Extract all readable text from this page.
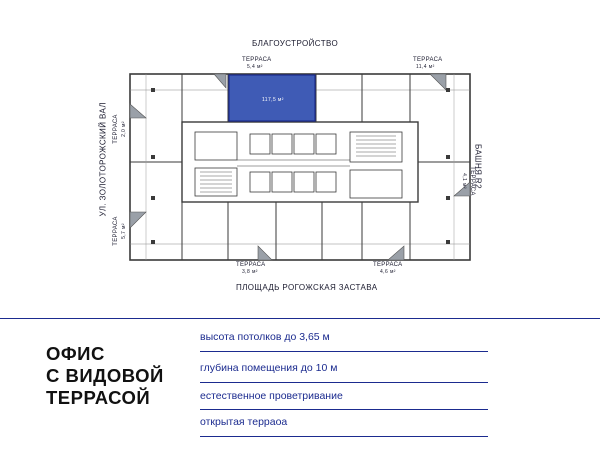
БЛАГОУСТРОЙСТВО
ПЛОЩАДЬ РОГОЖСКАЯ ЗАСТАВА
УЛ. ЗОЛОТОРОЖСКИЙ ВАЛ	БАШНЯ R2
117,5 м²
ТЕРРАСА
5,4 м²
ТЕРРАСА
11,4 м²
ТЕРРАСА 2,0 м²
ТЕРРАСА
4,1 м²
ТЕРРАСА 5,7 м²
ТЕРРАСА
3,8 м²
ТЕРРАСА
4,6 м²
ОФИС
С ВИДОВОЙ
ТЕРРАСОЙ
высота потолков до 3,65 м
глубина помещения до 10 м
естественное проветривание
открытая терраоа
